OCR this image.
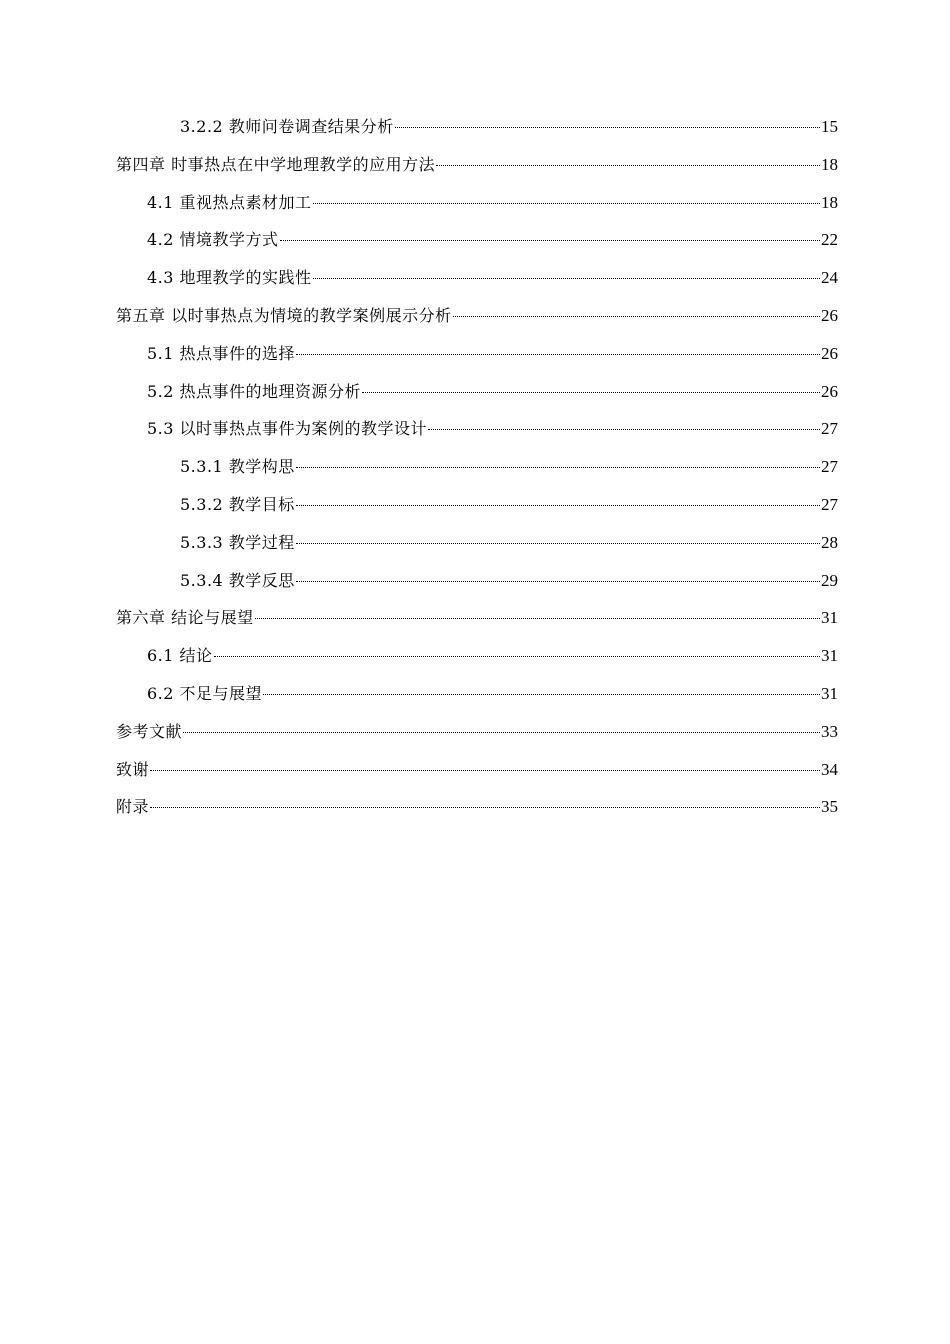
3.2.2 教师问卷调查结果分析	15
第四章 时事热点在中学地理教学的应用方法	18
4.1 重视热点素材加工	18
4.2 情境教学方式	22
4.3 地理教学的实践性	24
第五章 以时事热点为情境的教学案例展示分析	26
5.1 热点事件的选择	26
5.2 热点事件的地理资源分析	26
5.3 以时事热点事件为案例的教学设计	27
5.3.1 教学构思	27
5.3.2 教学目标	27
5.3.3 教学过程	28
5.3.4 教学反思	29
第六章 结论与展望	31
6.1 结论	31
6.2 不足与展望	31
参考文献	33
致谢	34
附录	35
